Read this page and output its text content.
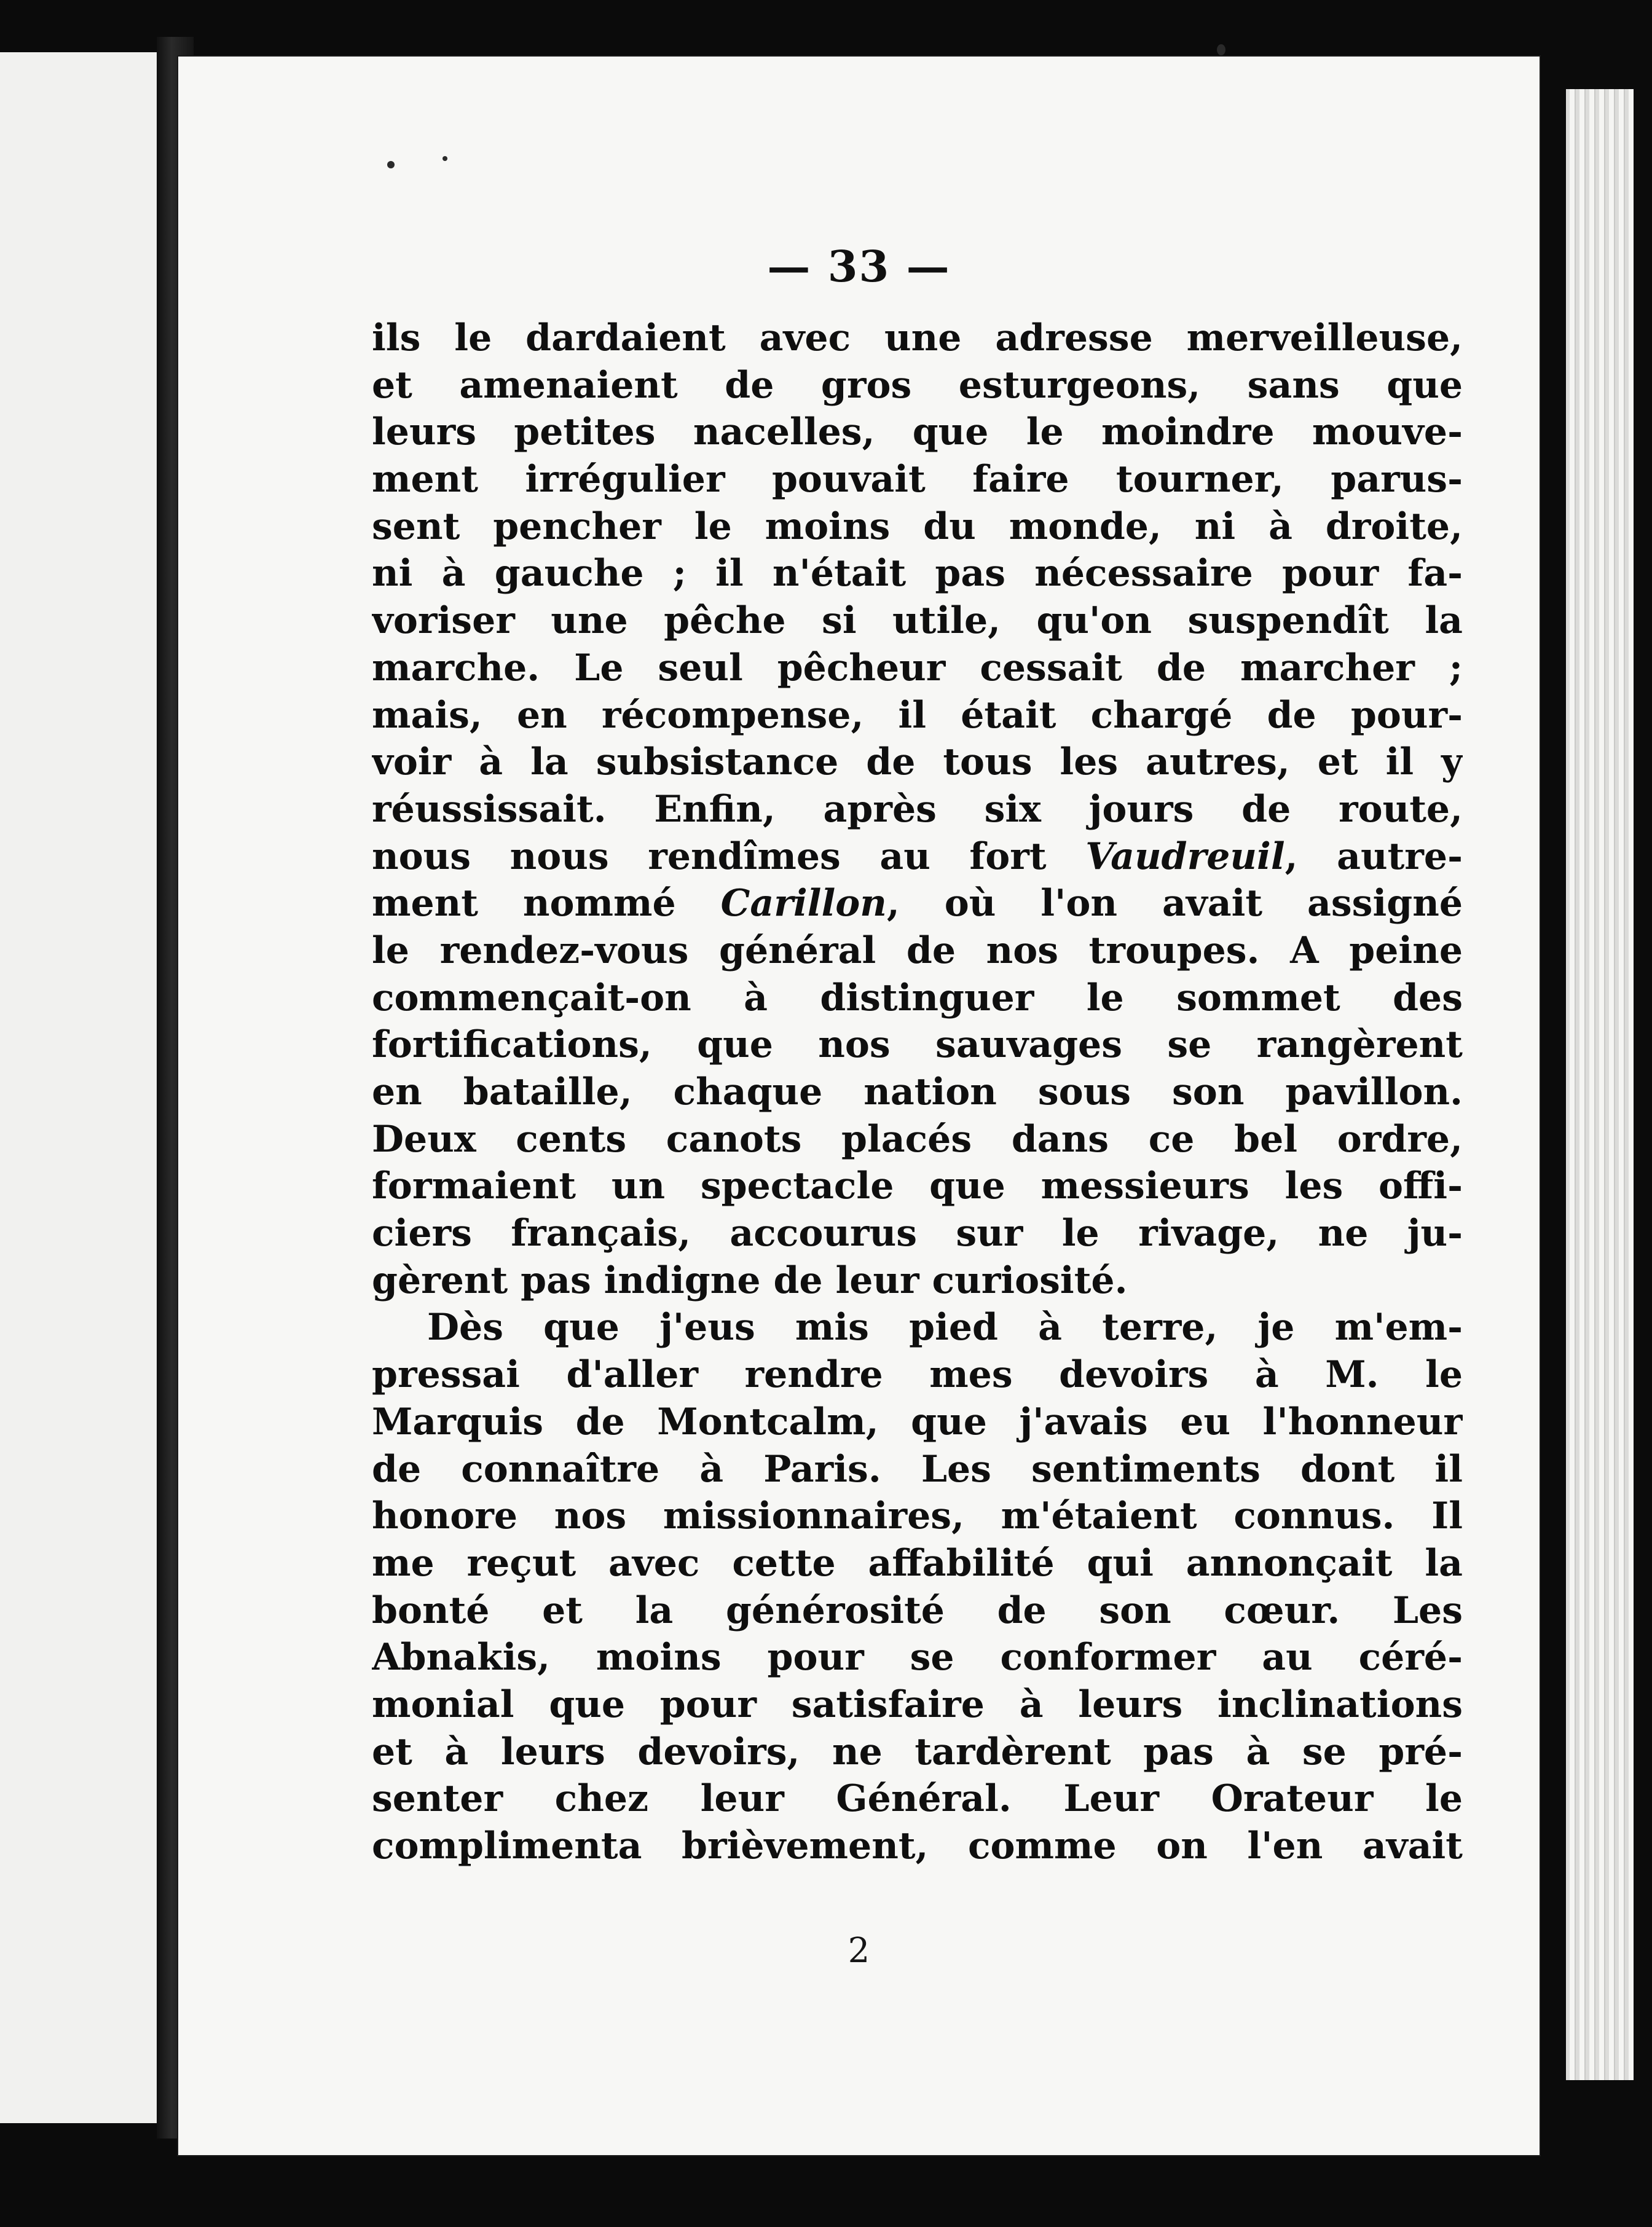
— 33 —
ils le dardaient avec une adresse merveilleuse,
et amenaient de gros esturgeons, sans que
leurs petites nacelles, que le moindre mouve-
ment irrégulier pouvait faire tourner, parus-
sent pencher le moins du monde, ni à droite,
ni à gauche ; il n'était pas nécessaire pour fa-
voriser une pêche si utile, qu'on suspendît la
marche. Le seul pêcheur cessait de marcher ;
mais, en récompense, il était chargé de pour-
voir à la subsistance de tous les autres, et il y
réussissait. Enfin, après six jours de route,
nous nous rendîmes au fort Vaudreuil, autre-
ment nommé Carillon, où l'on avait assigné
le rendez-vous général de nos troupes. A peine
commençait-on à distinguer le sommet des
fortifications, que nos sauvages se rangèrent
en bataille, chaque nation sous son pavillon.
Deux cents canots placés dans ce bel ordre,
formaient un spectacle que messieurs les offi-
ciers français, accourus sur le rivage, ne ju-
gèrent pas indigne de leur curiosité.
Dès que j'eus mis pied à terre, je m'em-
pressai d'aller rendre mes devoirs à M. le
Marquis de Montcalm, que j'avais eu l'honneur
de connaître à Paris. Les sentiments dont il
honore nos missionnaires, m'étaient connus. Il
me reçut avec cette affabilité qui annonçait la
bonté et la générosité de son cœur. Les
Abnakis, moins pour se conformer au céré-
monial que pour satisfaire à leurs inclinations
et à leurs devoirs, ne tardèrent pas à se pré-
senter chez leur Général. Leur Orateur le
complimenta brièvement, comme on l'en avait
2
